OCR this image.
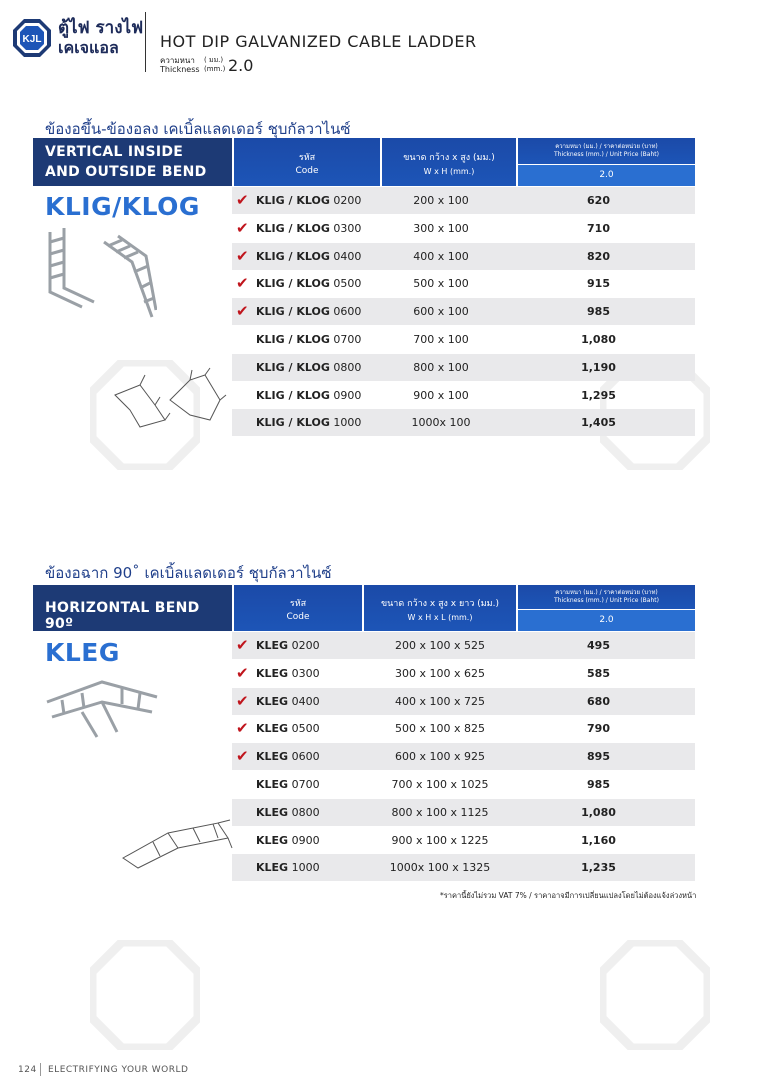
KJL
ตู้ไฟ รางไฟ
เคเจแอล	HOT DIP GALVANIZED CABLE LADDER
ความหนา
Thickness
( มม.)
(mm.) 2.0
ข้องอขึ้น-ข้องอลง เคเบิ้ลแลดเดอร์ ชุบกัลวาไนซ์
VERTICAL INSIDE
AND OUTSIDE BEND
รหัส
Code
ขนาด กว้าง x สูง (มม.)
W x H (mm.)
ความหนา (มม.) / ราคาต่อหน่วย (บาท)
Thickness (mm.) / Unit Price (Baht)
2.0
KLIG/KLOG ✔ KLIG / KLOG 0200	200 x 100	620
✔ KLIG / KLOG 0300	300 x 100	710
✔ KLIG / KLOG 0400	400 x 100	820
✔ KLIG / KLOG 0500	500 x 100	915
✔ KLIG / KLOG 0600	600 x 100	985
KLIG / KLOG 0700	700 x 100	1,080
KLIG / KLOG 0800	800 x 100	1,190
KLIG / KLOG 0900	900 x 100	1,295
KLIG / KLOG 1000	1000x 100	1,405
ข้องอฉาก 90˚ เคเบิ้ลแลดเดอร์ ชุบกัลวาไนซ์
HORIZONTAL BEND 90º
รหัส
Code
ขนาด กว้าง x สูง x ยาว (มม.)
W x H x L (mm.)
ความหนา (มม.) / ราคาต่อหน่วย (บาท)
Thickness (mm.) / Unit Price (Baht)
2.0
KLEG	✔ KLEG 0200	200 x 100 x 525	495
✔ KLEG 0300	300 x 100 x 625	585
✔ KLEG 0400	400 x 100 x 725	680
✔ KLEG 0500	500 x 100 x 825	790
✔ KLEG 0600	600 x 100 x 925	895
KLEG 0700	700 x 100 x 1025	985
KLEG 0800	800 x 100 x 1125	1,080
KLEG 0900	900 x 100 x 1225	1,160
KLEG 1000	1000x 100 x 1325	1,235
*ราคานี้ยังไม่รวม VAT 7% / ราคาอาจมีการเปลี่ยนแปลงโดยไม่ต้องแจ้งล่วงหน้า
124 ELECTRIFYING YOUR WORLD
